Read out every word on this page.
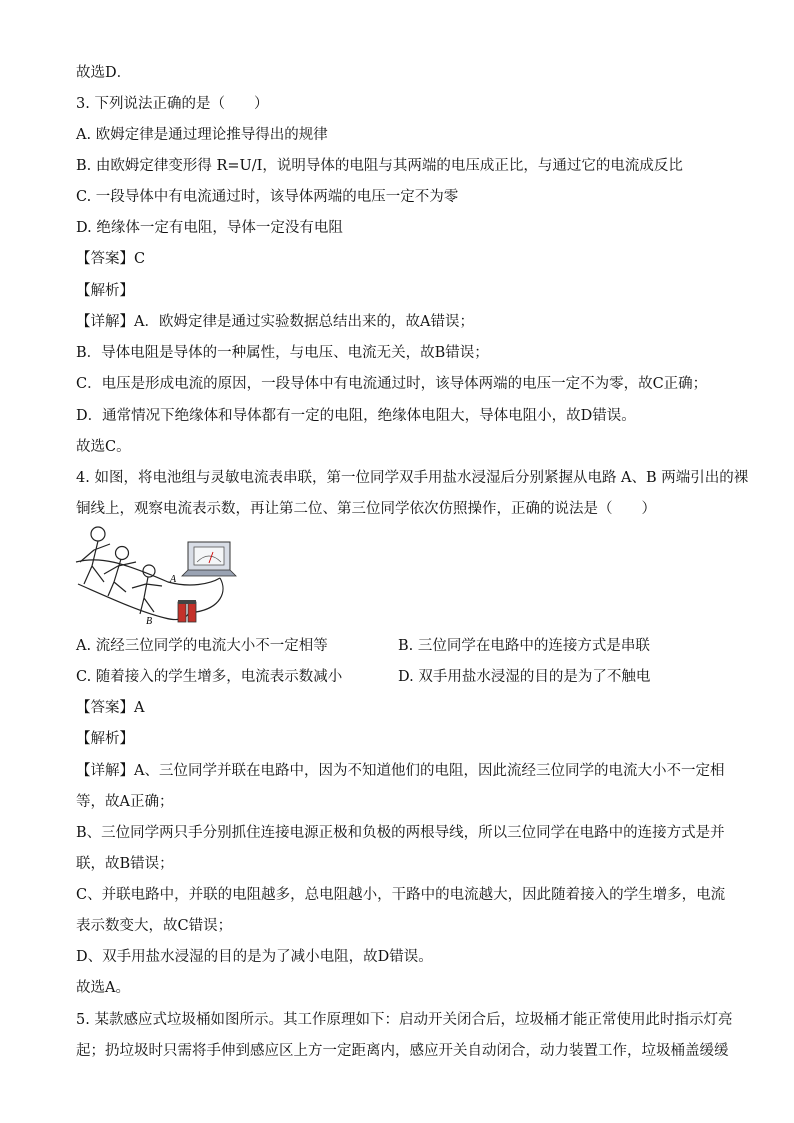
故选D．
3. 下列说法正确的是（　　）
A. 欧姆定律是通过理论推导得出的规律
B. 由欧姆定律变形得 R=U/I，说明导体的电阻与其两端的电压成正比，与通过它的电流成反比
C. 一段导体中有电流通过时，该导体两端的电压一定不为零
D. 绝缘体一定有电阻，导体一定没有电阻
【答案】C
【解析】
【详解】A．欧姆定律是通过实验数据总结出来的，故A错误；
B．导体电阻是导体的一种属性，与电压、电流无关，故B错误；
C．电压是形成电流的原因，一段导体中有电流通过时，该导体两端的电压一定不为零，故C正确；
D．通常情况下绝缘体和导体都有一定的电阻，绝缘体电阻大，导体电阻小，故D错误。
故选C。
4. 如图，将电池组与灵敏电流表串联，第一位同学双手用盐水浸湿后分别紧握从电路 A、B 两端引出的裸
铜线上，观察电流表示数，再让第二位、第三位同学依次仿照操作，正确的说法是（　　）
A
B
A. 流经三位同学的电流大小不一定相等	B. 三位同学在电路中的连接方式是串联
C. 随着接入的学生增多，电流表示数减小	D. 双手用盐水浸湿的目的是为了不触电
【答案】A
【解析】
【详解】A、三位同学并联在电路中，因为不知道他们的电阻，因此流经三位同学的电流大小不一定相
等，故A正确；
B、三位同学两只手分别抓住连接电源正极和负极的两根导线，所以三位同学在电路中的连接方式是并
联，故B错误；
C、并联电路中，并联的电阻越多，总电阻越小，干路中的电流越大，因此随着接入的学生增多，电流
表示数变大，故C错误；
D、双手用盐水浸湿的目的是为了减小电阻，故D错误。
故选A。
5. 某款感应式垃圾桶如图所示。其工作原理如下：启动开关闭合后，垃圾桶才能正常使用此时指示灯亮
起；扔垃圾时只需将手伸到感应区上方一定距离内，感应开关自动闭合，动力装置工作，垃圾桶盖缓缓
